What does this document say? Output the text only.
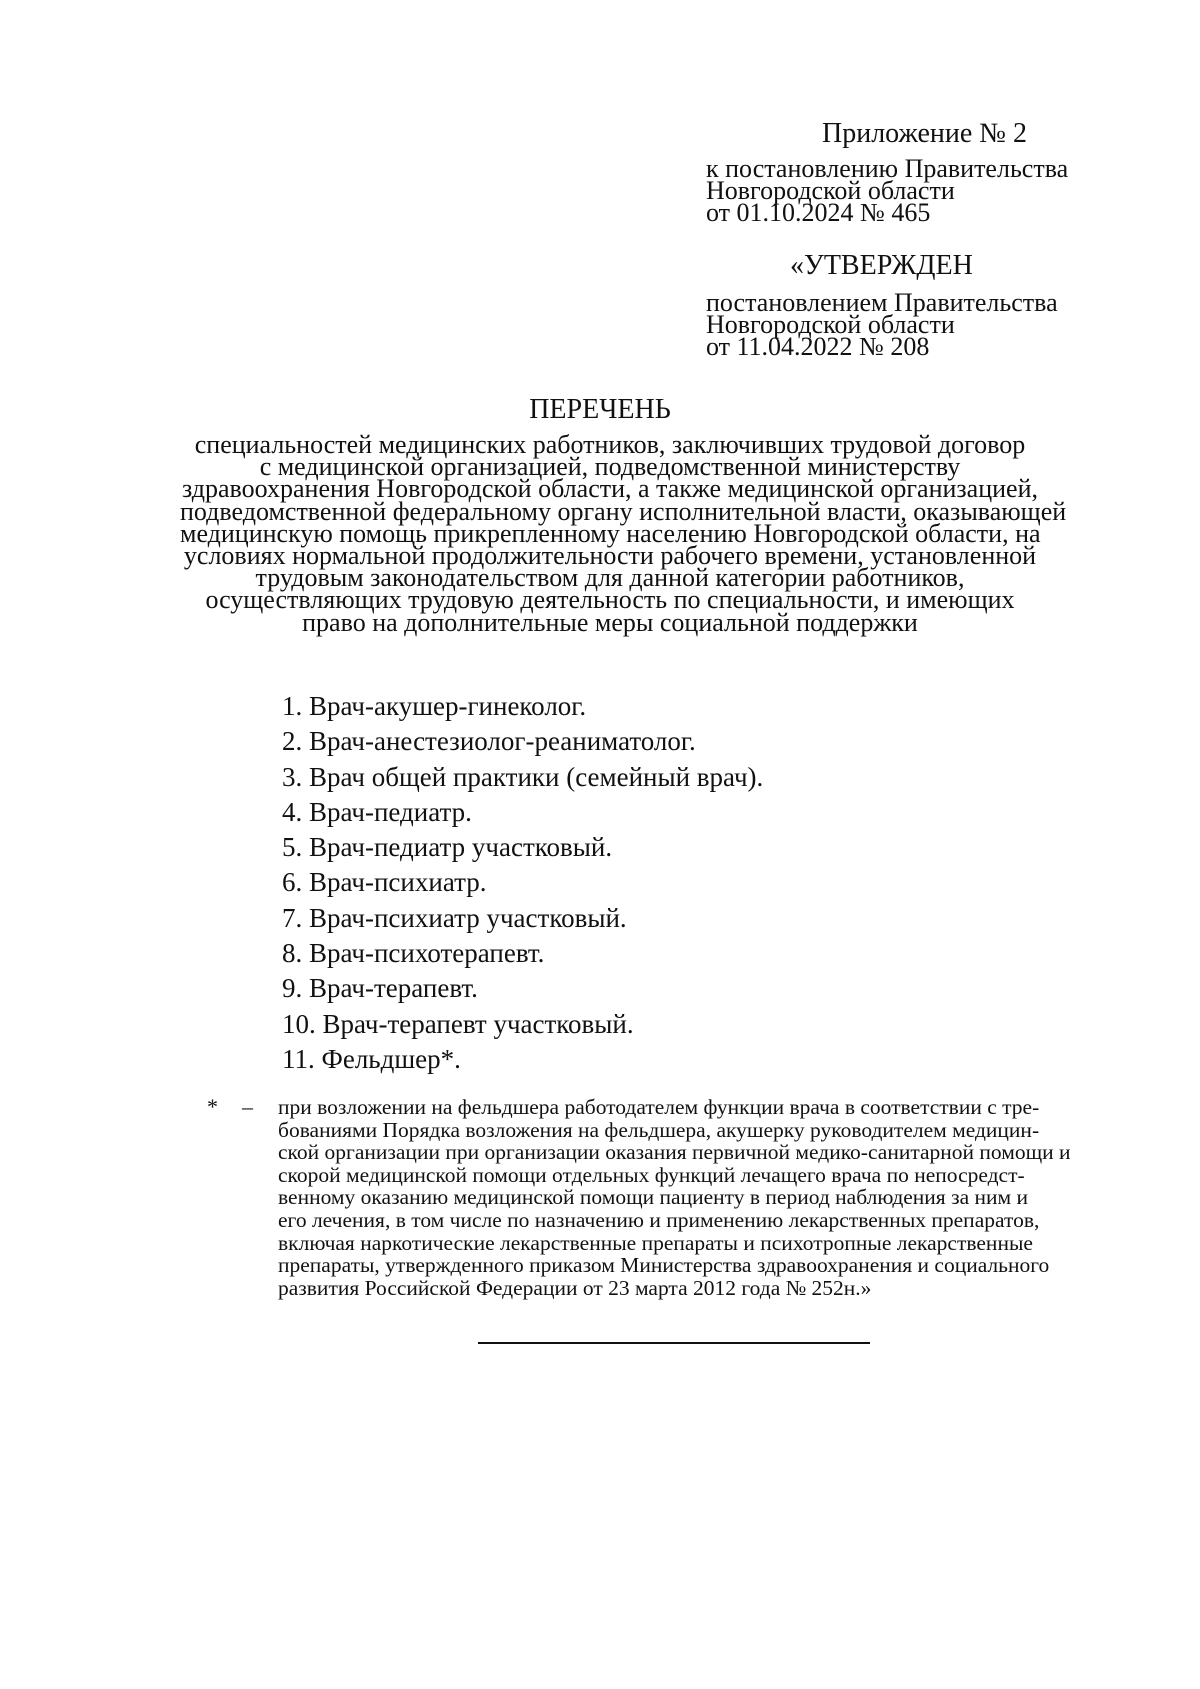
Приложение № 2
к постановлению Правительства
Новгородской области
от 01.10.2024 № 465
«УТВЕРЖДЕН
постановлением Правительства
Новгородской области
от 11.04.2022 № 208
ПЕРЕЧЕНЬ
специальностей медицинских работников, заключивших трудовой договор
с медицинской организацией, подведомственной министерству
здравоохранения Новгородской области, а также медицинской организацией,
подведомственной федеральному органу исполнительной власти, оказывающей
медицинскую помощь прикрепленному населению Новгородской области, на
условиях нормальной продолжительности рабочего времени, установленной
трудовым законодательством для данной категории работников,
осуществляющих трудовую деятельность по специальности, и имеющих
право на дополнительные меры социальной поддержки
1. Врач-акушер-гинеколог.
2. Врач-анестезиолог-реаниматолог.
3. Врач общей практики (семейный врач).
4. Врач-педиатр.
5. Врач-педиатр участковый.
6. Врач-психиатр.
7. Врач-психиатр участковый.
8. Врач-психотерапевт.
9. Врач-терапевт.
10. Врач-терапевт участковый.
11. Фельдшер*.
* – при возложении на фельдшера работодателем функции врача в соответствии с тре-
бованиями Порядка возложения на фельдшера, акушерку руководителем медицин-
ской организации при организации оказания первичной медико-санитарной помощи и
скорой медицинской помощи отдельных функций лечащего врача по непосредст-
венному оказанию медицинской помощи пациенту в период наблюдения за ним и
его лечения, в том числе по назначению и применению лекарственных препаратов,
включая наркотические лекарственные препараты и психотропные лекарственные
препараты, утвержденного приказом Министерства здравоохранения и социального
развития Российской Федерации от 23 марта 2012 года № 252н.»
